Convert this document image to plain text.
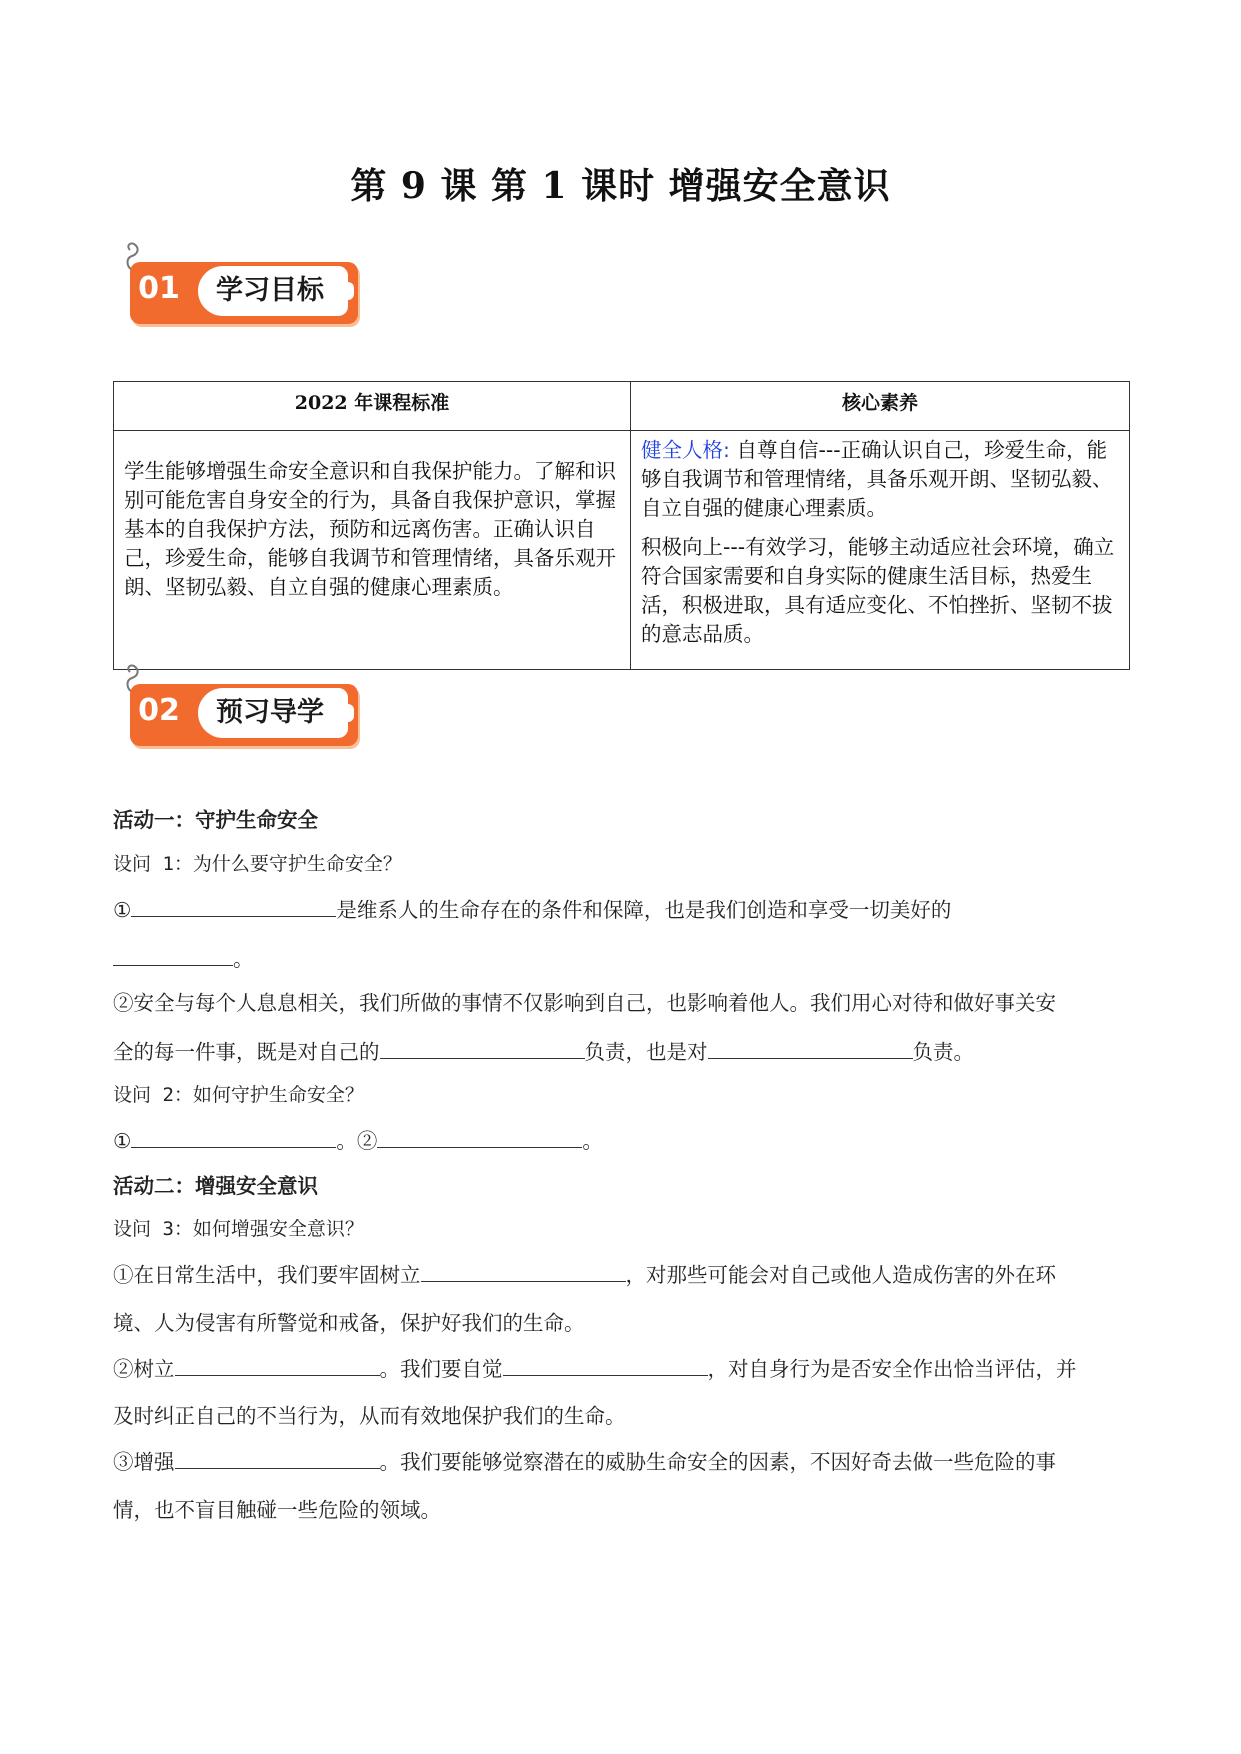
第 9 课 第 1 课时 增强安全意识
01	学习目标
2022 年课程标准	核心素养
学生能够增强生命安全意识和自我保护能力。了解和识别可能危害自身安全的行为，具备自我保护意识，掌握基本的自我保护方法，预防和远离伤害。正确认识自己，珍爱生命，能够自我调节和管理情绪，具备乐观开朗、坚韧弘毅、自立自强的健康心理素质。	健全人格: 自尊自信---正确认识自己，珍爱生命，能够自我调节和管理情绪，具备乐观开朗、坚韧弘毅、自立自强的健康心理素质。

积极向上---有效学习，能够主动适应社会环境，确立符合国家需要和自身实际的健康生活目标，热爱生活，积极进取，具有适应变化、不怕挫折、坚韧不拔的意志品质。

02	预习导学
活动一：守护生命安全
设问 1：为什么要守护生命安全？
①	是维系人的生命存在的条件和保障，也是我们创造和享受一切美好的
。
②安全与每个人息息相关，我们所做的事情不仅影响到自己，也影响着他人。我们用心对待和做好事关安
全的每一件事，既是对自己的	负责，也是对	负责。
设问 2：如何守护生命安全？
①	。②	。
活动二：增强安全意识
设问 3：如何增强安全意识？
①在日常生活中，我们要牢固树立	，对那些可能会对自己或他人造成伤害的外在环
境、人为侵害有所警觉和戒备，保护好我们的生命。
②树立	。我们要自觉	，对自身行为是否安全作出恰当评估，并
及时纠正自己的不当行为，从而有效地保护我们的生命。
③增强	。我们要能够觉察潜在的威胁生命安全的因素，不因好奇去做一些危险的事
情，也不盲目触碰一些危险的领域。
